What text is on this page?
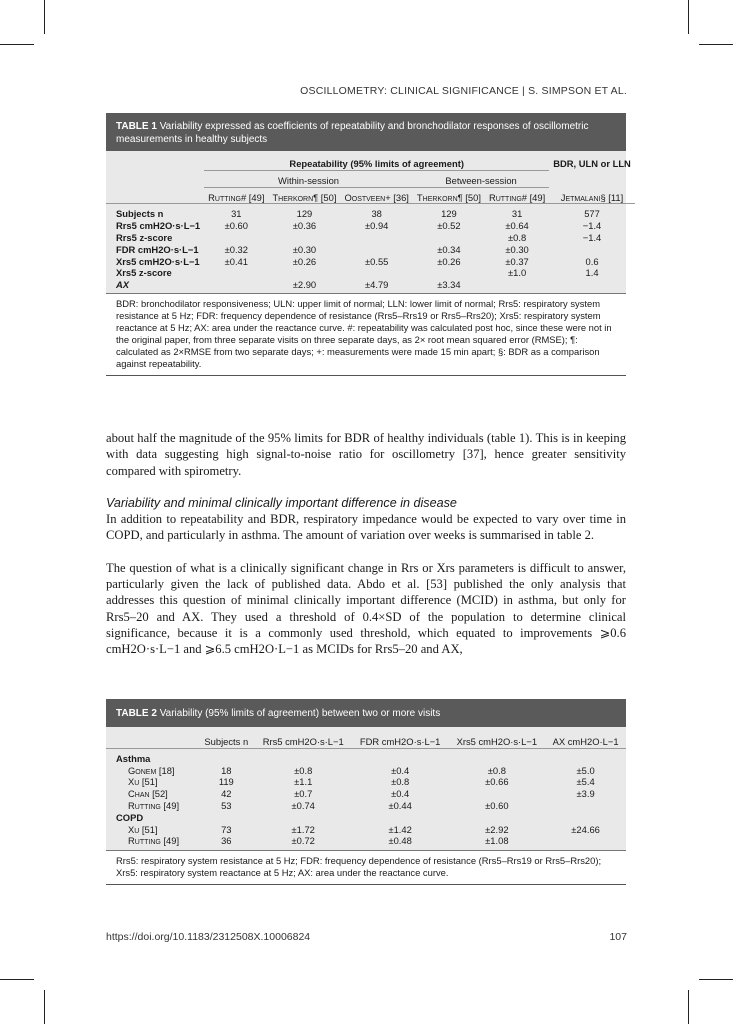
OSCILLOMETRY: CLINICAL SIGNIFICANCE | S. SIMPSON ET AL.
TABLE 1 Variability expressed as coefficients of repeatability and bronchodilator responses of oscillometric measurements in healthy subjects

	Repeatability (95% limits of agreement)					BDR, ULN or LLN

	Within-session			Between-session		

	Rutting# [49]	Therkorn¶ [50]	Oostveen+ [36]	Therkorn¶ [50]	Rutting# [49]	Jetmalani§ [11]

Subjects n	31	129	38	129	31	577
Rrs5 cmH2O·s·L−1	±0.60	±0.36	±0.94	±0.52	±0.64	−1.4
Rrs5 z-score					±0.8	−1.4
FDR cmH2O·s·L−1	±0.32	±0.30		±0.34	±0.30	
Xrs5 cmH2O·s·L−1	±0.41	±0.26	±0.55	±0.26	±0.37	0.6
Xrs5 z-score					±1.0	1.4
AX		±2.90	±4.79	±3.34		

BDR: bronchodilator responsiveness; ULN: upper limit of normal; LLN: lower limit of normal; Rrs5: respiratory system resistance at 5 Hz; FDR: frequency dependence of resistance (Rrs5–Rrs19 or Rrs5–Rrs20); Xrs5: respiratory system reactance at 5 Hz; AX: area under the reactance curve. #: repeatability was calculated post hoc, since these were not in the original paper, from three separate visits on three separate days, as 2× root mean squared error (RMSE); ¶: calculated as 2×RMSE from two separate days; +: measurements were made 15 min apart; §: BDR as a comparison against repeatability.

about half the magnitude of the 95% limits for BDR of healthy individuals (table 1). This is in keeping with data suggesting high signal-to-noise ratio for oscillometry [37], hence greater sensitivity compared with spirometry.

Variability and minimal clinically important difference in disease

In addition to repeatability and BDR, respiratory impedance would be expected to vary over time in COPD, and particularly in asthma. The amount of variation over weeks is summarised in table 2.

The question of what is a clinically significant change in Rrs or Xrs parameters is difficult to answer, particularly given the lack of published data. Abdo et al. [53] published the only analysis that addresses this question of minimal clinically important difference (MCID) in asthma, but only for Rrs5–20 and AX. They used a threshold of 0.4×SD of the population to determine clinical significance, because it is a commonly used threshold, which equated to improvements ⩾0.6 cmH2O·s·L−1 and ⩾6.5 cmH2O·L−1 as MCIDs for Rrs5–20 and AX,

TABLE 2 Variability (95% limits of agreement) between two or more visits

	Subjects n	Rrs5 cmH2O·s·L−1	FDR cmH2O·s·L−1	Xrs5 cmH2O·s·L−1	AX cmH2O·L−1

Asthma					
Gonem [18]	18	±0.8	±0.4	±0.8	±5.0
Xu [51]	119	±1.1	±0.8	±0.66	±5.4
Chan [52]	42	±0.7	±0.4		±3.9
Rutting [49]	53	±0.74	±0.44	±0.60	
COPD					
Xu [51]	73	±1.72	±1.42	±2.92	±24.66
Rutting [49]	36	±0.72	±0.48	±1.08	

Rrs5: respiratory system resistance at 5 Hz; FDR: frequency dependence of resistance (Rrs5–Rrs19 or Rrs5–Rrs20); Xrs5: respiratory system reactance at 5 Hz; AX: area under the reactance curve.
https://doi.org/10.1183/2312508X.10006824	107
